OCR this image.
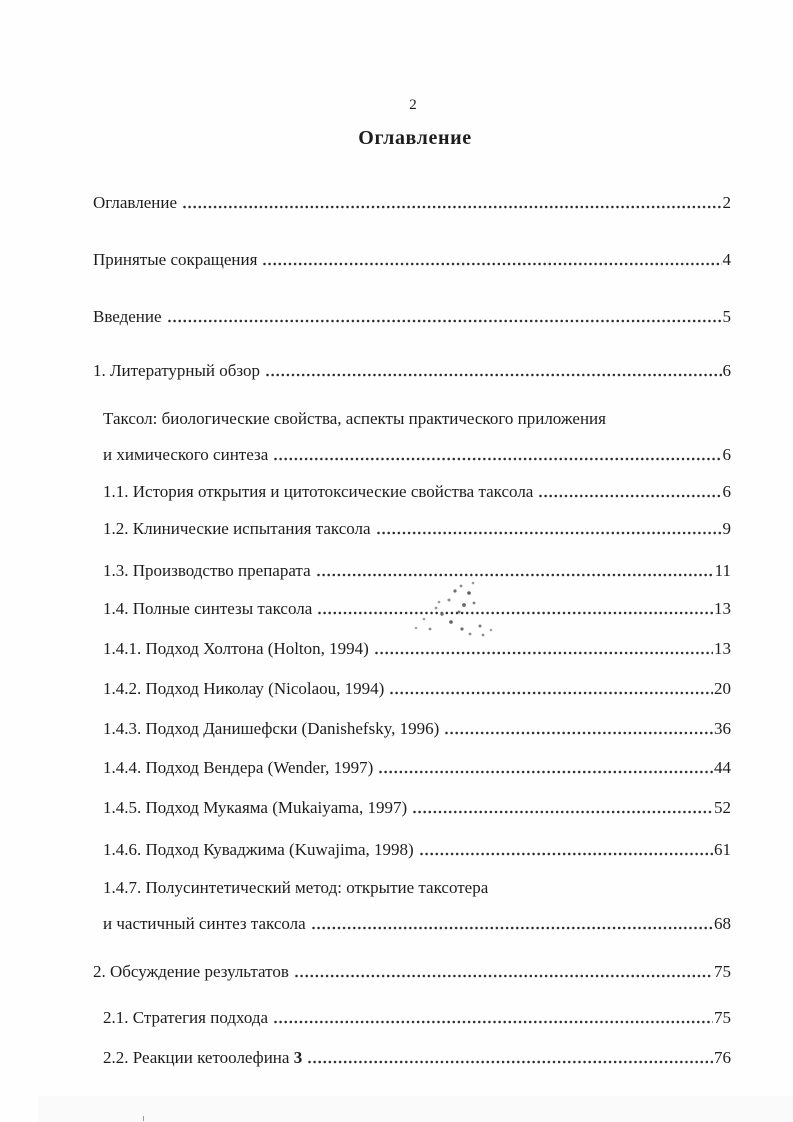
2
Оглавление
Оглавление	2
Принятые сокращения	4
Введение	5
1. Литературный обзор	6
Таксол: биологические свойства, аспекты практического приложения
и химического синтеза	6
1.1. История открытия и цитотоксические свойства таксола	6
1.2. Клинические испытания таксола	9
1.3. Производство препарата	11
1.4. Полные синтезы таксола	13
1.4.1. Подход Холтона (Holton, 1994)	13
1.4.2. Подход Николау (Nicolaou, 1994)	20
1.4.3. Подход Данишефски (Danishefsky, 1996)	36
1.4.4. Подход Вендера (Wender, 1997)	44
1.4.5. Подход Мукаяма (Mukaiyama, 1997)	52
1.4.6. Подход Куваджима (Kuwajima, 1998)	61
1.4.7. Полусинтетический метод: открытие таксотера
и частичный синтез таксола	68
2. Обсуждение результатов	75
2.1. Стратегия подхода	75
2.2. Реакции кетоолефина 3	76
